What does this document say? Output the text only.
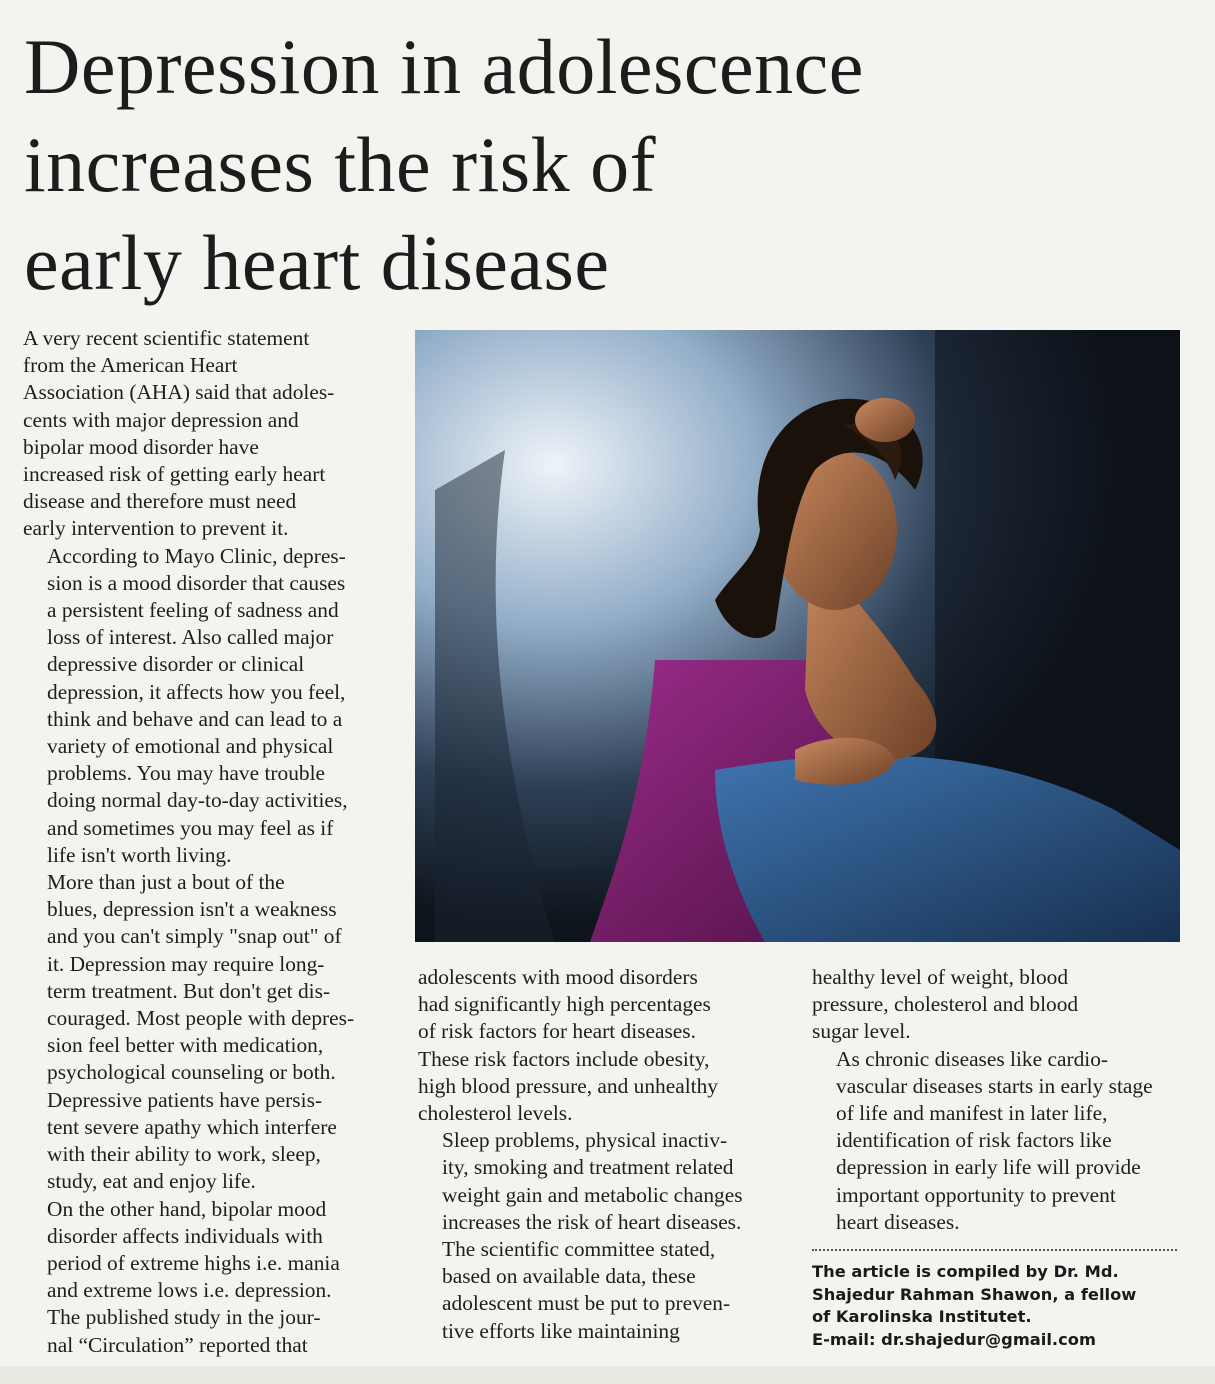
Depression in adolescence
increases the risk of
early heart disease

A very recent scientific statement
from the American Heart
Association (AHA) said that adoles-
cents with major depression and
bipolar mood disorder have
increased risk of getting early heart
disease and therefore must need
early intervention to prevent it.

According to Mayo Clinic, depres-
sion is a mood disorder that causes
a persistent feeling of sadness and
loss of interest. Also called major
depressive disorder or clinical
depression, it affects how you feel,
think and behave and can lead to a
variety of emotional and physical
problems. You may have trouble
doing normal day-to-day activities,
and sometimes you may feel as if
life isn't worth living.

More than just a bout of the
blues, depression isn't a weakness
and you can't simply "snap out" of
it. Depression may require long-
term treatment. But don't get dis-
couraged. Most people with depres-
sion feel better with medication,
psychological counseling or both.

Depressive patients have persis-
tent severe apathy which interfere
with their ability to work, sleep,
study, eat and enjoy life.

On the other hand, bipolar mood
disorder affects individuals with
period of extreme highs i.e. mania
and extreme lows i.e. depression.

The published study in the jour-
nal “Circulation” reported that

adolescents with mood disorders
had significantly high percentages
of risk factors for heart diseases.
These risk factors include obesity,
high blood pressure, and unhealthy
cholesterol levels.

Sleep problems, physical inactiv-
ity, smoking and treatment related
weight gain and metabolic changes
increases the risk of heart diseases.

The scientific committee stated,
based on available data, these
adolescent must be put to preven-
tive efforts like maintaining

healthy level of weight, blood
pressure, cholesterol and blood
sugar level.

As chronic diseases like cardio-
vascular diseases starts in early stage
of life and manifest in later life,
identification of risk factors like
depression in early life will provide
important opportunity to prevent
heart diseases.

The article is compiled by Dr. Md.
Shajedur Rahman Shawon, a fellow
of Karolinska Institutet.
E-mail: dr.shajedur@gmail.com
